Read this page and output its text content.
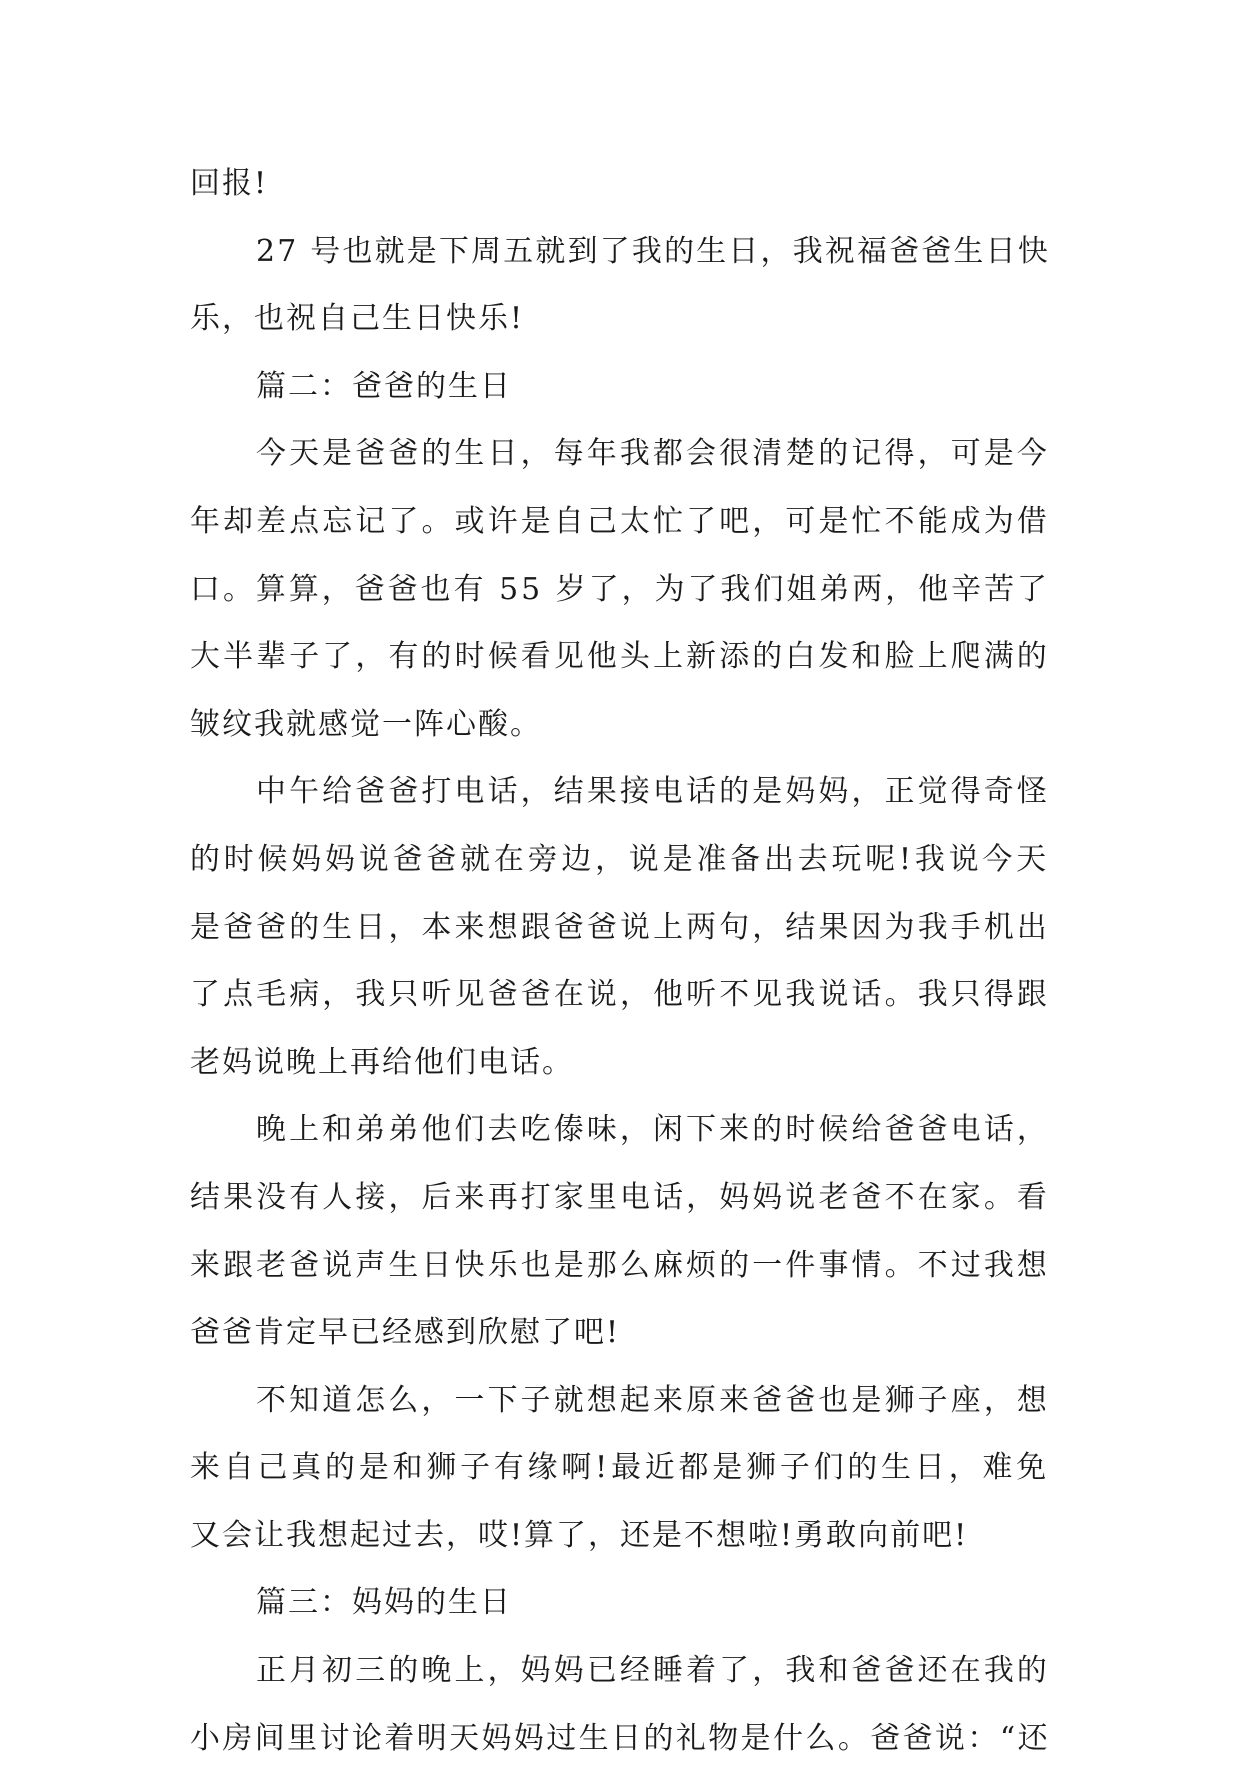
回报!
27 号也就是下周五就到了我的生日，我祝福爸爸生日快
乐，也祝自己生日快乐!
篇二：爸爸的生日
今天是爸爸的生日，每年我都会很清楚的记得，可是今
年却差点忘记了。或许是自己太忙了吧，可是忙不能成为借
口。算算，爸爸也有 55 岁了，为了我们姐弟两，他辛苦了
大半辈子了，有的时候看见他头上新添的白发和脸上爬满的
皱纹我就感觉一阵心酸。
中午给爸爸打电话，结果接电话的是妈妈，正觉得奇怪
的时候妈妈说爸爸就在旁边，说是准备出去玩呢!我说今天
是爸爸的生日，本来想跟爸爸说上两句，结果因为我手机出
了点毛病，我只听见爸爸在说，他听不见我说话。我只得跟
老妈说晚上再给他们电话。
晚上和弟弟他们去吃傣味，闲下来的时候给爸爸电话，
结果没有人接，后来再打家里电话，妈妈说老爸不在家。看
来跟老爸说声生日快乐也是那么麻烦的一件事情。不过我想
爸爸肯定早已经感到欣慰了吧!
不知道怎么，一下子就想起来原来爸爸也是狮子座，想
来自己真的是和狮子有缘啊!最近都是狮子们的生日，难免
又会让我想起过去，哎!算了，还是不想啦!勇敢向前吧!
篇三：妈妈的生日
正月初三的晚上，妈妈已经睡着了，我和爸爸还在我的
小房间里讨论着明天妈妈过生日的礼物是什么。爸爸说：“还
